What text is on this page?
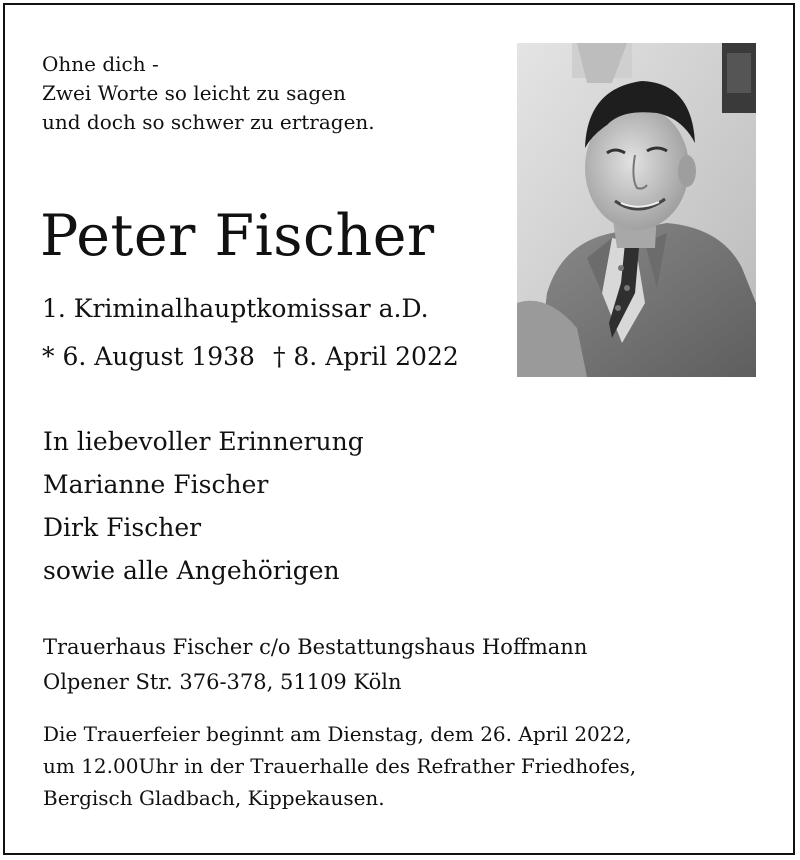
Ohne dich -
Zwei Worte so leicht zu sagen
und doch so schwer zu ertragen.
Peter Fischer
1. Kriminalhauptkomissar a.D.
* 6. August 1938 † 8. April 2022
In liebevoller Erinnerung
Marianne Fischer
Dirk Fischer
sowie alle Angehörigen
Trauerhaus Fischer c/o Bestattungshaus Hoffmann
Olpener Str. 376-378, 51109 Köln
Die Trauerfeier beginnt am Dienstag, dem 26. April 2022,
um 12.00Uhr in der Trauerhalle des Refrather Friedhofes,
Bergisch Gladbach, Kippekausen.
